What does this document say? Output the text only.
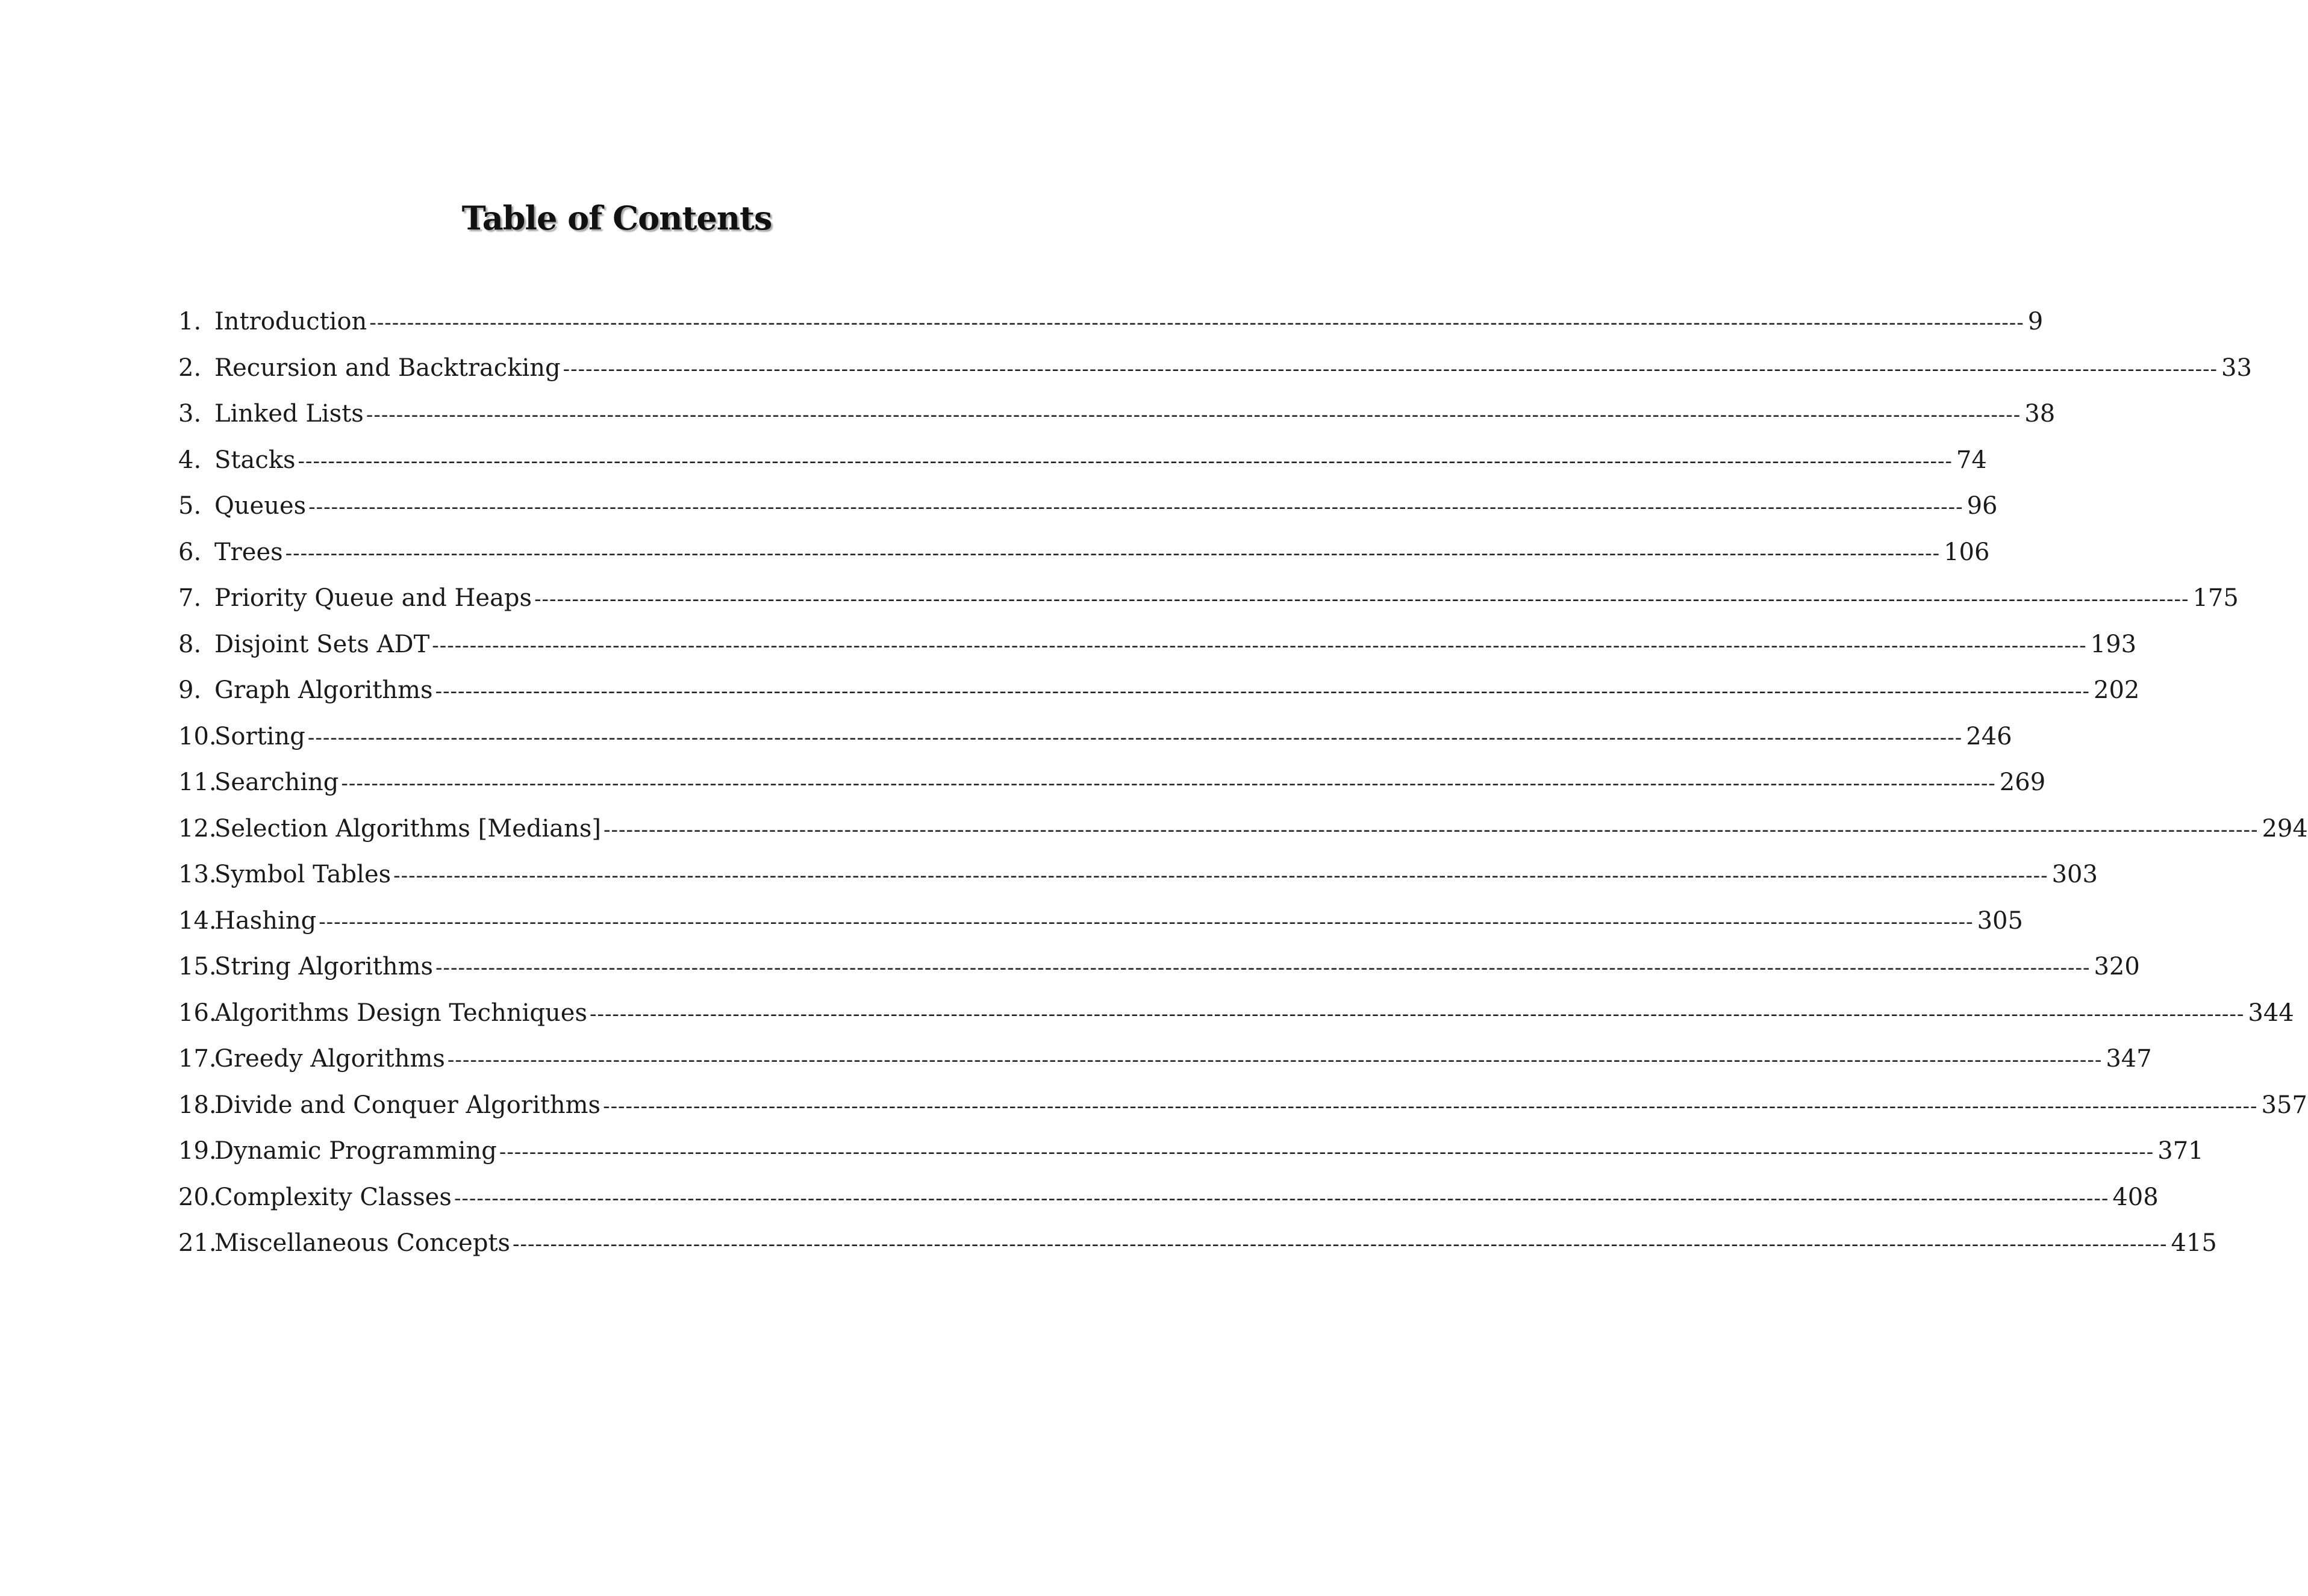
Table of Contents
1. Introduction ---------------------------------------------------------------------------------------------------------------------------------------------------------------------------------------------------------------------------- 9
2. Recursion and Backtracking ---------------------------------------------------------------------------------------------------------------------------------------------------------------------------------------------------------------------------- 33
3. Linked Lists ---------------------------------------------------------------------------------------------------------------------------------------------------------------------------------------------------------------------------- 38
4. Stacks ---------------------------------------------------------------------------------------------------------------------------------------------------------------------------------------------------------------------------- 74
5. Queues ---------------------------------------------------------------------------------------------------------------------------------------------------------------------------------------------------------------------------- 96
6. Trees ---------------------------------------------------------------------------------------------------------------------------------------------------------------------------------------------------------------------------- 106
7. Priority Queue and Heaps ---------------------------------------------------------------------------------------------------------------------------------------------------------------------------------------------------------------------------- 175
8. Disjoint Sets ADT ---------------------------------------------------------------------------------------------------------------------------------------------------------------------------------------------------------------------------- 193
9. Graph Algorithms ---------------------------------------------------------------------------------------------------------------------------------------------------------------------------------------------------------------------------- 202
10.
Sorting ---------------------------------------------------------------------------------------------------------------------------------------------------------------------------------------------------------------------------- 246
11.
Searching ---------------------------------------------------------------------------------------------------------------------------------------------------------------------------------------------------------------------------- 269
12.
Selection Algorithms [Medians] ---------------------------------------------------------------------------------------------------------------------------------------------------------------------------------------------------------------------------- 294
13.
Symbol Tables ---------------------------------------------------------------------------------------------------------------------------------------------------------------------------------------------------------------------------- 303
14.
Hashing ---------------------------------------------------------------------------------------------------------------------------------------------------------------------------------------------------------------------------- 305
15.
String Algorithms ---------------------------------------------------------------------------------------------------------------------------------------------------------------------------------------------------------------------------- 320
16.
Algorithms Design Techniques ---------------------------------------------------------------------------------------------------------------------------------------------------------------------------------------------------------------------------- 344
17.
Greedy Algorithms ---------------------------------------------------------------------------------------------------------------------------------------------------------------------------------------------------------------------------- 347
18.
Divide and Conquer Algorithms ---------------------------------------------------------------------------------------------------------------------------------------------------------------------------------------------------------------------------- 357
19.
Dynamic Programming ---------------------------------------------------------------------------------------------------------------------------------------------------------------------------------------------------------------------------- 371
20.
Complexity Classes ---------------------------------------------------------------------------------------------------------------------------------------------------------------------------------------------------------------------------- 408
21.
Miscellaneous Concepts ---------------------------------------------------------------------------------------------------------------------------------------------------------------------------------------------------------------------------- 415
